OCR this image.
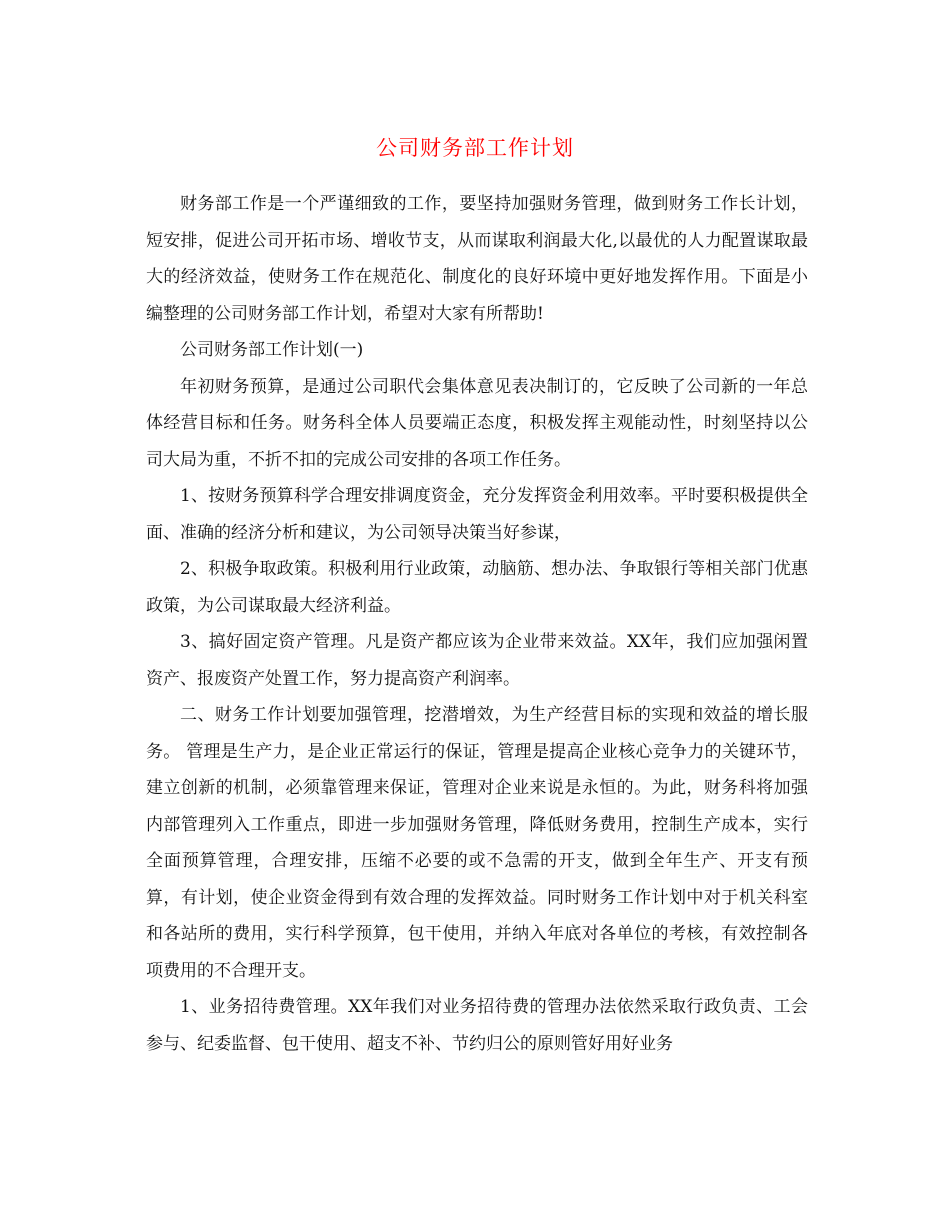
公司财务部工作计划

财务部工作是一个严谨细致的工作，要坚持加强财务管理，做到财务工作长计划，短安排，促进公司开拓市场、增收节支，从而谋取利润最大化,以最优的人力配置谋取最大的经济效益，使财务工作在规范化、制度化的良好环境中更好地发挥作用。下面是小编整理的公司财务部工作计划，希望对大家有所帮助!

公司财务部工作计划(一)

年初财务预算，是通过公司职代会集体意见表决制订的，它反映了公司新的一年总体经营目标和任务。财务科全体人员要端正态度，积极发挥主观能动性，时刻坚持以公司大局为重，不折不扣的完成公司安排的各项工作任务。

1、按财务预算科学合理安排调度资金，充分发挥资金利用效率。平时要积极提供全面、准确的经济分析和建议，为公司领导决策当好参谋，

2、积极争取政策。积极利用行业政策，动脑筋、想办法、争取银行等相关部门优惠政策，为公司谋取最大经济利益。

3、搞好固定资产管理。凡是资产都应该为企业带来效益。XX年，我们应加强闲置资产、报废资产处置工作，努力提高资产利润率。

二、财务工作计划要加强管理，挖潜增效，为生产经营目标的实现和效益的增长服务。 管理是生产力，是企业正常运行的保证，管理是提高企业核心竞争力的关键环节，建立创新的机制，必须靠管理来保证，管理对企业来说是永恒的。为此，财务科将加强内部管理列入工作重点，即进一步加强财务管理，降低财务费用，控制生产成本，实行全面预算管理，合理安排，压缩不必要的或不急需的开支，做到全年生产、开支有预算，有计划，使企业资金得到有效合理的发挥效益。同时财务工作计划中对于机关科室和各站所的费用，实行科学预算，包干使用，并纳入年底对各单位的考核，有效控制各项费用的不合理开支。

1、业务招待费管理。XX年我们对业务招待费的管理办法依然采取行政负责、工会参与、纪委监督、包干使用、超支不补、节约归公的原则管好用好业务
